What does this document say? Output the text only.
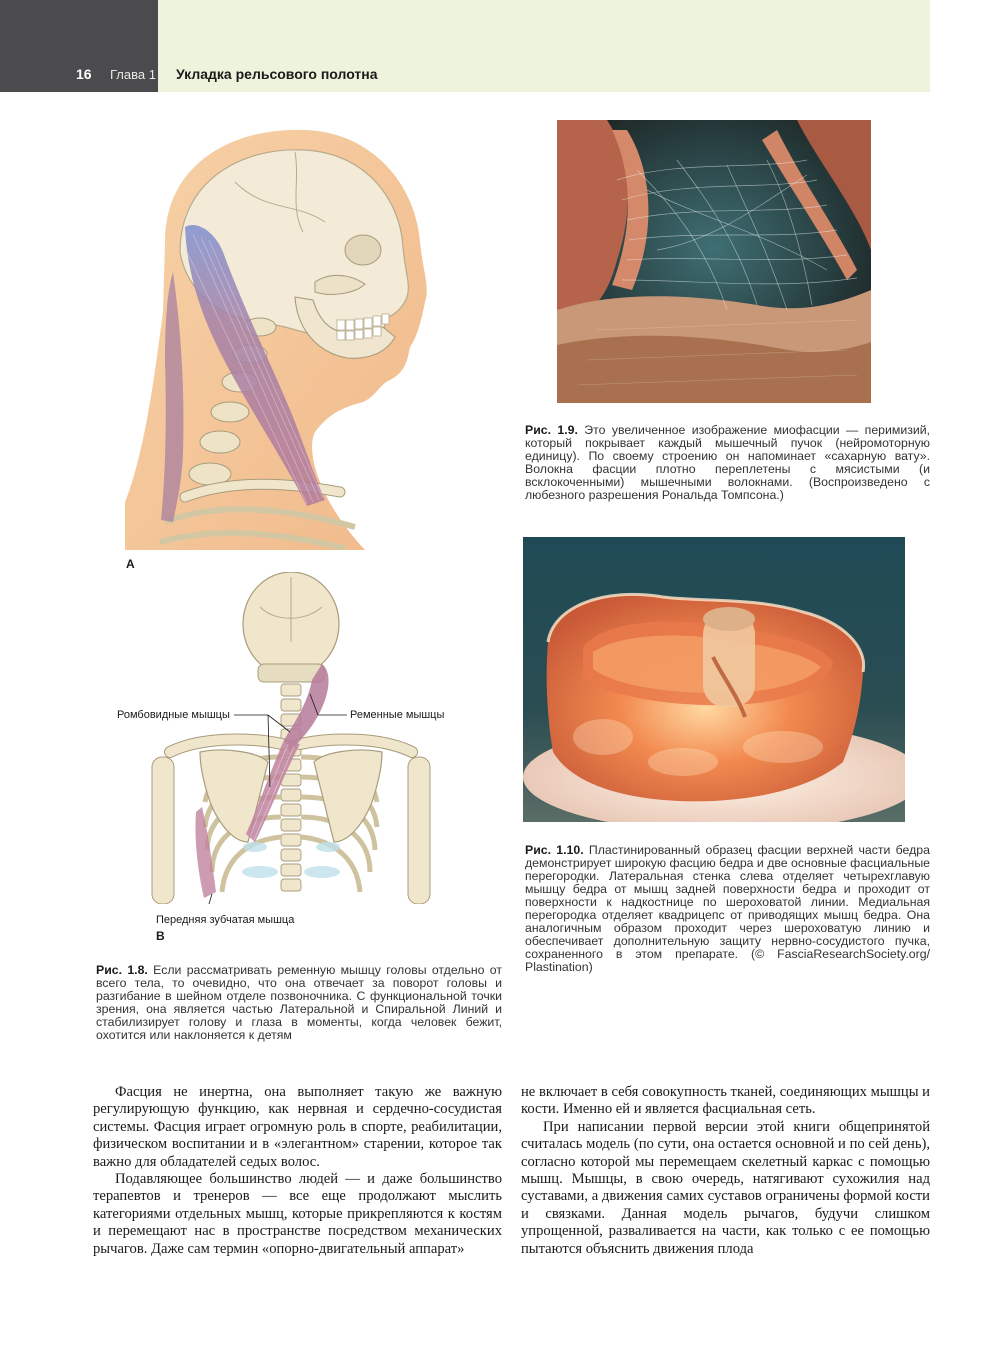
16 Глава 1 Укладка рельсового полотна
А
Ромбовидные мышцы	Ременные мышцы
Передняя зубчатая мышца
В
Рис. 1.8. Если рассматривать ременную мышцу головы отдельно от всего тела, то очевидно, что она отвечает за поворот головы и разгибание в шейном отделе позвоночника. С функциональной точки зрения, она является частью Латеральной и Спиральной Линий и стабилизирует голову и глаза в моменты, когда человек бежит, охотится или наклоняется к детям
Рис. 1.9. Это увеличенное изображение миофасции — перимизий, который покрывает каждый мышечный пучок (нейромоторную единицу). По своему строению он напоминает «сахарную вату». Волокна фасции плотно переплетены с мясистыми (и всклокоченными) мышечными волокнами. (Воспроизведено с любезного разрешения Рональда Томпсона.)
Рис. 1.10. Пластинированный образец фасции верхней части бедра демонстрирует широкую фасцию бедра и две основные фасциальные перегородки. Латеральная стенка слева отделяет четырехглавую мышцу бедра от мышц задней поверхности бедра и проходит от поверхности к надкостнице по шероховатой линии. Медиальная перегородка отделяет квадрицепс от приводящих мышц бедра. Она аналогичным образом проходит через шероховатую линию и обеспечивает дополнительную защиту нервно-сосудистого пучка, сохраненного в этом препарате. (© FasciaResearchSociety.org/ Plastination)

Фасция не инертна, она выполняет такую же важную регулирующую функцию, как нервная и сердечно-сосудистая системы. Фасция играет огромную роль в спорте, реабилитации, физическом воспитании и в «элегантном» старении, которое так важно для обладателей седых волос.

Подавляющее большинство людей — и даже большинство терапевтов и тренеров — все еще продолжают мыслить категориями отдельных мышц, которые прикрепляются к костям и перемещают нас в пространстве посредством механических рычагов. Даже сам термин «опорно-двигательный аппарат»

не включает в себя совокупность тканей, соединяющих мышцы и кости. Именно ей и является фасциальная сеть.

При написании первой версии этой книги общепринятой считалась модель (по сути, она остается основной и по сей день), согласно которой мы перемещаем скелетный каркас с помощью мышц. Мышцы, в свою очередь, натягивают сухожилия над суставами, а движения самих суставов ограничены формой кости и связками. Данная модель рычагов, будучи слишком упрощенной, разваливается на части, как только с ее помощью пытаются объяснить движения плода
